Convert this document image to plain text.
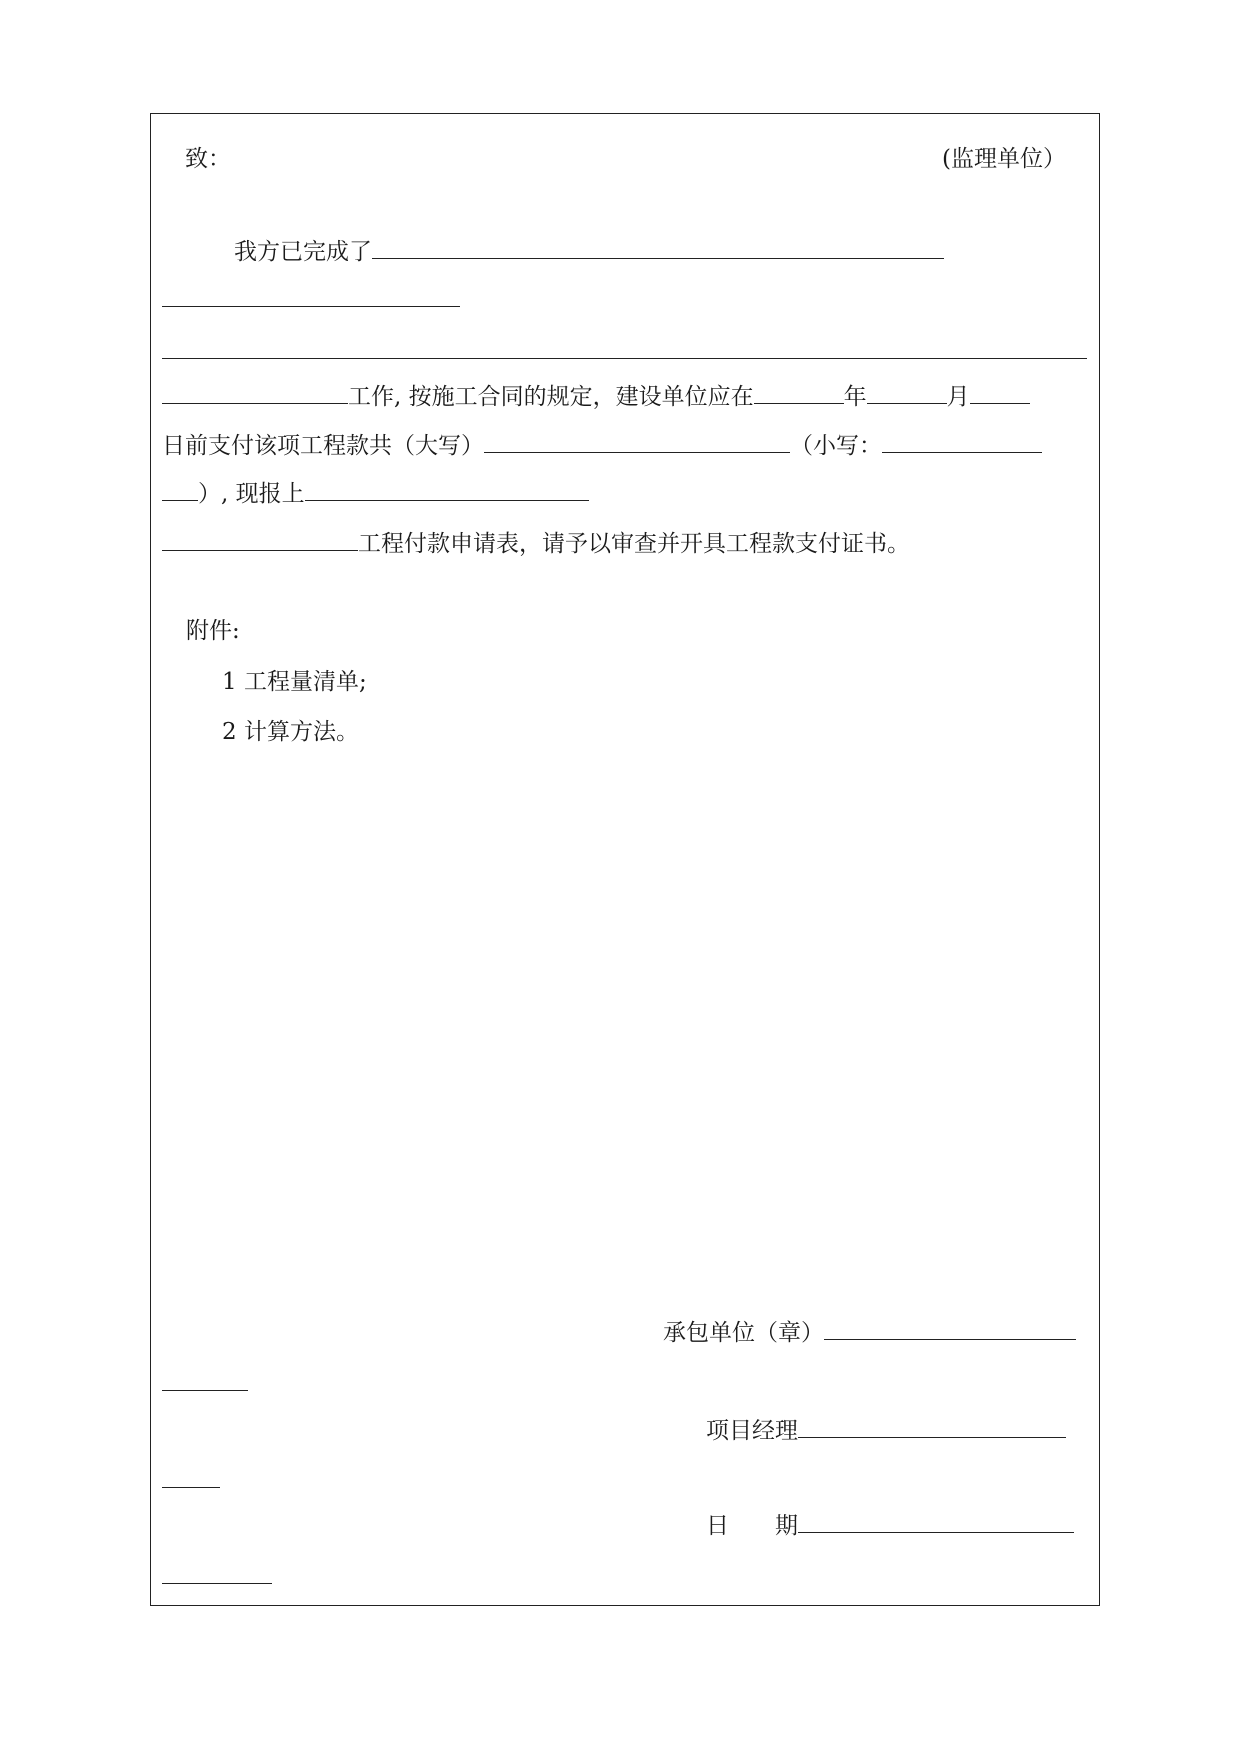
致：	(监理单位）
我方已完成了
工作, 按施工合同的规定，建设单位应在	年	月
日前支付该项工程款共（大写）	（小写：
）, 现报上
工程付款申请表，请予以审查并开具工程款支付证书。
附件:
1 工程量清单;
2 计算方法。
承包单位（章）
项目经理
日　　期
